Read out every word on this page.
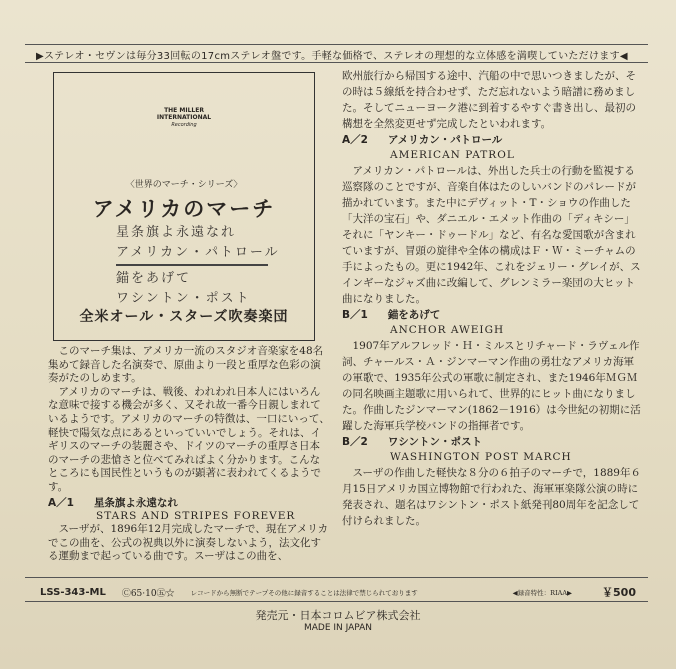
▶ステレオ・セヴンは毎分33回転の17cmステレオ盤です。手軽な価格で、ステレオの理想的な立体感を満喫していただけます◀
THE MILLER
INTERNATIONAL
Recording
〈世界のマーチ・シリーズ〉
アメリカのマーチ
星条旗よ永遠なれ
アメリカン・パトロール
錨をあげて
ワシントン・ポスト
全米オール・スターズ吹奏楽団

このマーチ集は、アメリカ一流のスタジオ音楽家を48名集めて録音した名演奏で、原曲より一段と重厚な色彩の演奏がたのしめます。

アメリカのマーチは、戦後、われわれ日本人にはいろんな意味で接する機会が多く、又それ故一番今日親しまれているようです。アメリカのマーチの特徴は、一口にいって、軽快で陽気な点にあるといっていいでしょう。それは、イギリスのマーチの装麗さや、ドイツのマーチの重厚さ日本のマーチの悲愴さと位べてみればよく分かります。こんなところにも国民性というものが顕著に表われてくるようです。

A／1 星条旗よ永遠なれ
STARS AND STRIPES FOREVER

スーザが、1896年12月完成したマーチで、現在アメリカでこの曲を、公式の祝典以外に演奏しないよう，法文化する運動まで起っている曲です。スーザはこの曲を、

欧州旅行から帰国する途中、汽船の中で思いつきましたが、その時は５線紙を持合わせず、ただ忘れないよう暗譜に務めました。そしてニューヨーク港に到着するやすぐ書き出し、最初の構想を全然変更せず完成したといわれます。
A／2 アメリカン・パトロール
AMERICAN PATROL

アメリカン・パトロールは、外出した兵士の行動を監視する巡察隊のことですが、音楽自体はたのしいバンドのパレードが描かれています。また中にデヴィット・T・ショウの作曲した「大洋の宝石」や、ダニエル・エメット作曲の「ディキシー」それに「ヤンキー・ドゥードル」など、有名な愛国歌が含まれていますが、冒頭の旋律や全体の構成はＦ・Ｗ・ミーチャムの手によったもの。更に1942年、これをジェリー・グレイが、スインギーなジャズ曲に改編して、グレンミラー楽団の大ヒット曲になりました。

B／1 錨をあげて
ANCHOR AWEIGH

1907年アルフレッド・Ｈ・ミルスとリチャード・ラヴェル作詞、チャールス・Ａ・ジンマーマン作曲の勇壮なアメリカ海軍の軍歌で、1935年公式の軍歌に制定され、また1946年ＭＧＭの同名映画主題歌に用いられて、世界的にヒット曲になりました。作曲したジンマーマン(1862－1916）は今世紀の初期に活躍した海軍兵学校バンドの指揮者です。

B／2 ワシントン・ポスト
WASHINGTON POST MARCH

スーザの作曲した軽快な８分の６拍子のマーチで，1889年６月15日アメリカ国立博物館で行われた、海軍軍楽隊公演の時に発表され、題名はワシントン・ポスト紙発刊80周年を記念して付けられました。

LSS-343-ML Ⓒ65·10㊄☆ レコードから無断でテープその他に録音することは法律で禁じられております	◀録音特性：RIAA▶	￥500
発売元・日本コロムビア株式会社
MADE IN JAPAN
